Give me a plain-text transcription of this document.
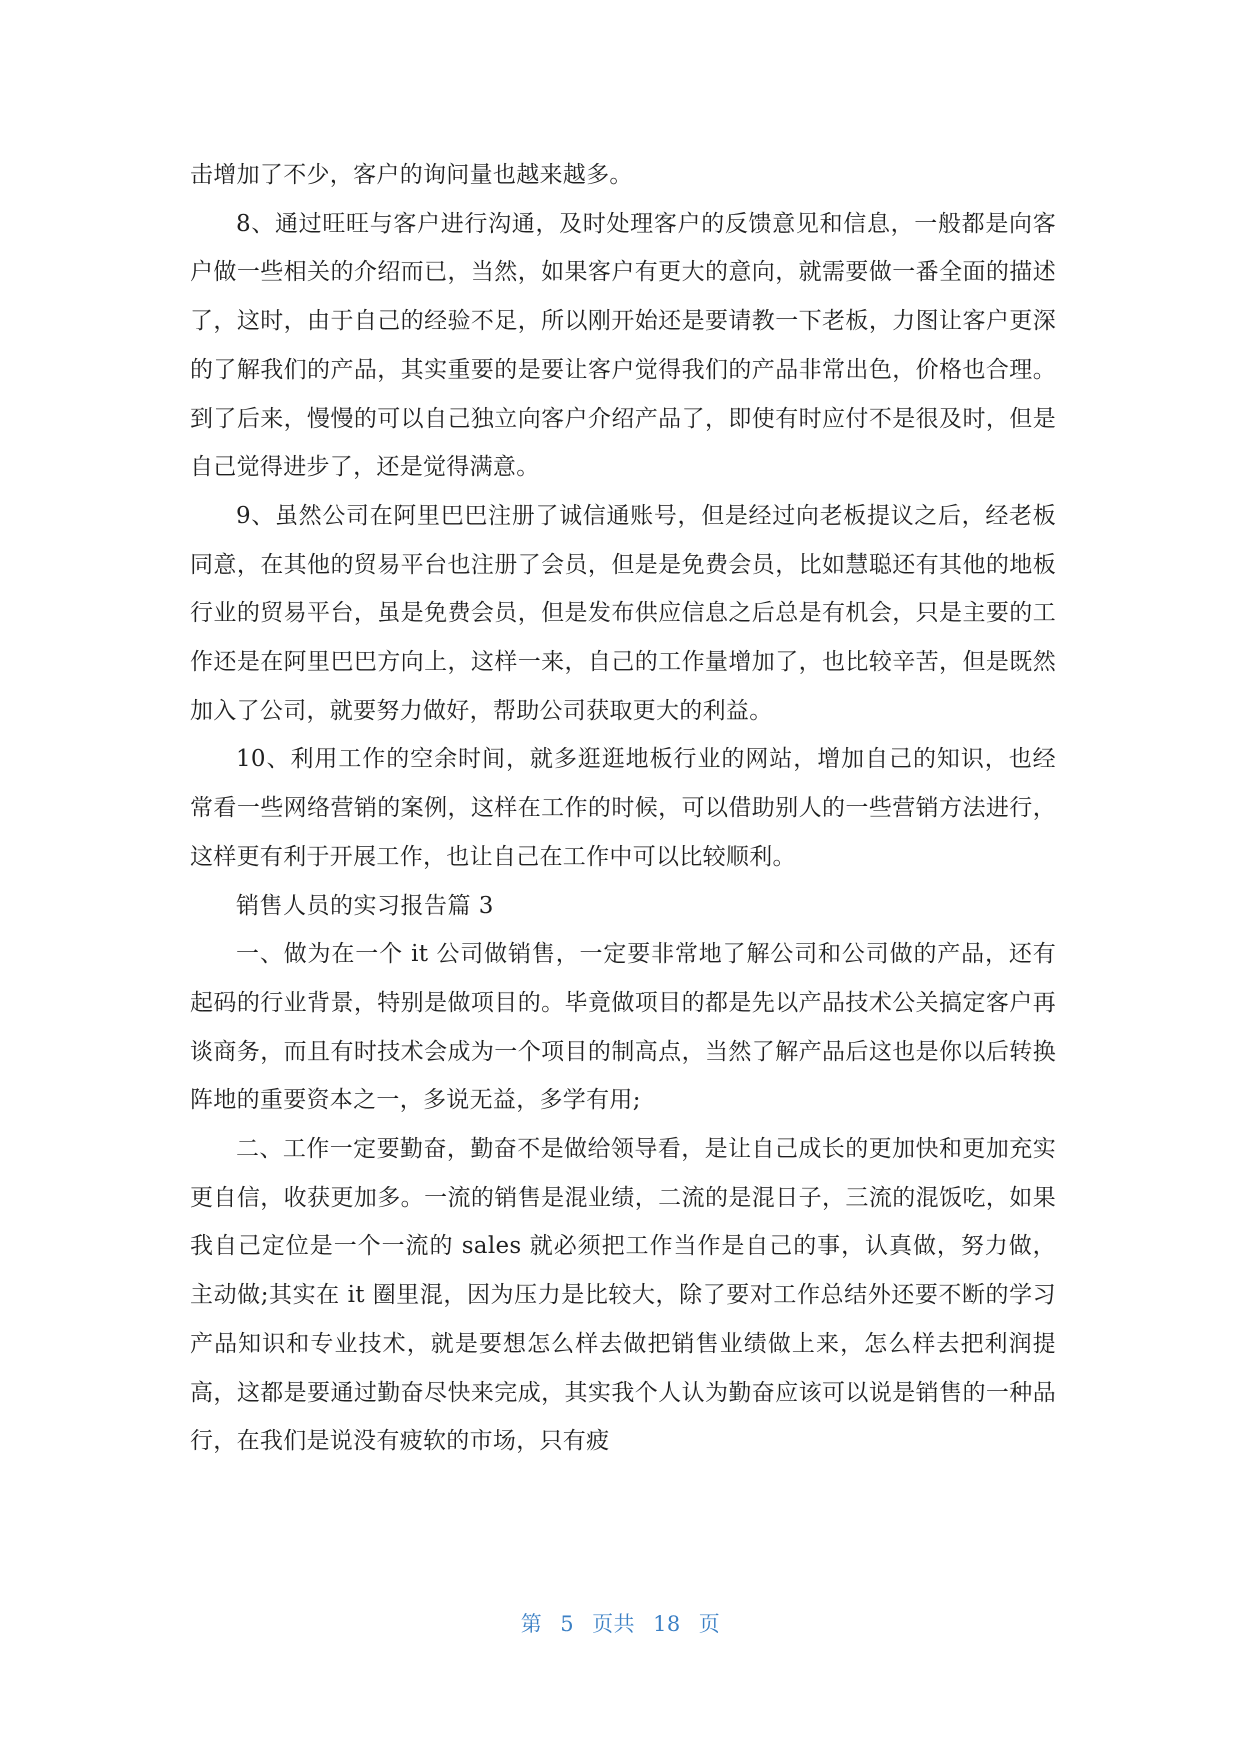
击增加了不少，客户的询问量也越来越多。

8、通过旺旺与客户进行沟通，及时处理客户的反馈意见和信息，一般都是向客户做一些相关的介绍而已，当然，如果客户有更大的意向，就需要做一番全面的描述了，这时，由于自己的经验不足，所以刚开始还是要请教一下老板，力图让客户更深的了解我们的产品，其实重要的是要让客户觉得我们的产品非常出色，价格也合理。到了后来，慢慢的可以自己独立向客户介绍产品了，即使有时应付不是很及时，但是自己觉得进步了，还是觉得满意。

9、虽然公司在阿里巴巴注册了诚信通账号，但是经过向老板提议之后，经老板同意，在其他的贸易平台也注册了会员，但是是免费会员，比如慧聪还有其他的地板行业的贸易平台，虽是免费会员，但是发布供应信息之后总是有机会，只是主要的工作还是在阿里巴巴方向上，这样一来，自己的工作量增加了，也比较辛苦，但是既然加入了公司，就要努力做好，帮助公司获取更大的利益。

10、利用工作的空余时间，就多逛逛地板行业的网站，增加自己的知识，也经常看一些网络营销的案例，这样在工作的时候，可以借助别人的一些营销方法进行，这样更有利于开展工作，也让自己在工作中可以比较顺利。

销售人员的实习报告篇 3

一、做为在一个 it 公司做销售，一定要非常地了解公司和公司做的产品，还有起码的行业背景，特别是做项目的。毕竟做项目的都是先以产品技术公关搞定客户再谈商务，而且有时技术会成为一个项目的制高点，当然了解产品后这也是你以后转换阵地的重要资本之一，多说无益，多学有用;

二、工作一定要勤奋，勤奋不是做给领导看，是让自己成长的更加快和更加充实更自信，收获更加多。一流的销售是混业绩，二流的是混日子，三流的混饭吃，如果我自己定位是一个一流的 sales 就必须把工作当作是自己的事，认真做，努力做，主动做;其实在 it 圈里混，因为压力是比较大，除了要对工作总结外还要不断的学习产品知识和专业技术，就是要想怎么样去做把销售业绩做上来，怎么样去把利润提高，这都是要通过勤奋尽快来完成，其实我个人认为勤奋应该可以说是销售的一种品行，在我们是说没有疲软的市场，只有疲

第 5 页共 18 页
